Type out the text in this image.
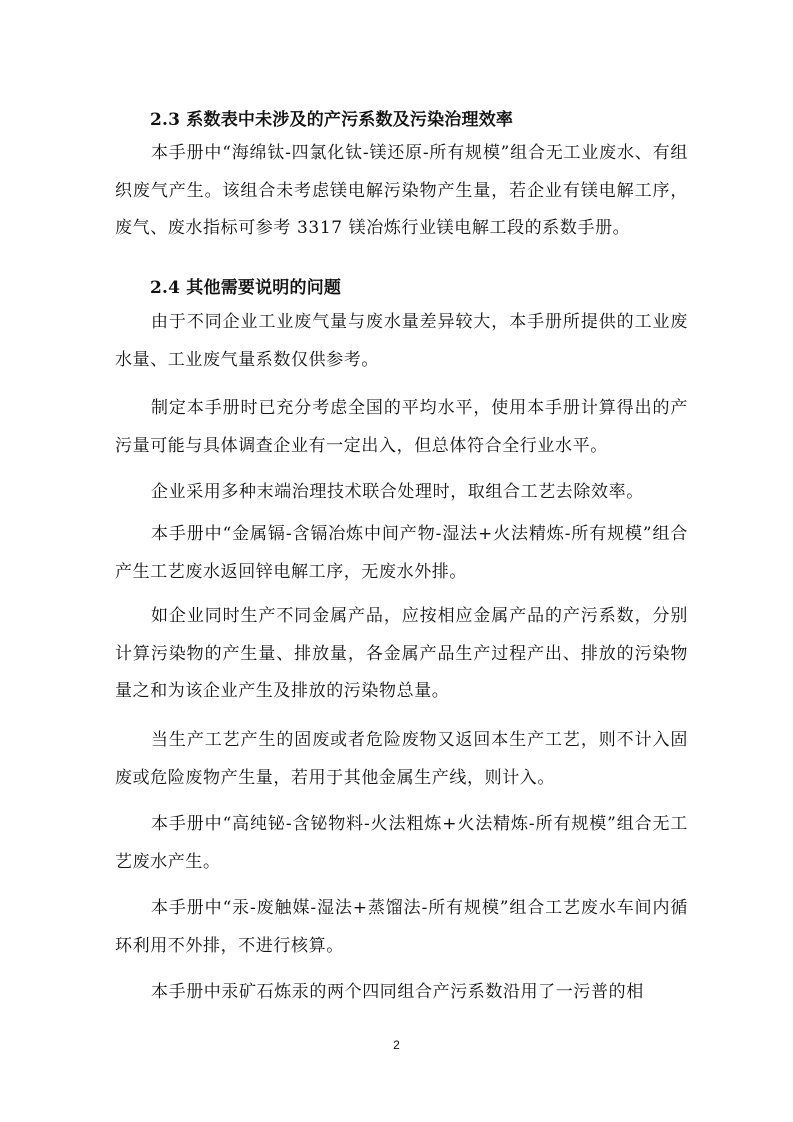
2.3 系数表中未涉及的产污系数及污染治理效率

本手册中“海绵钛-四氯化钛-镁还原-所有规模”组合无工业废水、有组织废气产生。该组合未考虑镁电解污染物产生量，若企业有镁电解工序，废气、废水指标可参考 3317 镁冶炼行业镁电解工段的系数手册。

2.4 其他需要说明的问题

由于不同企业工业废气量与废水量差异较大，本手册所提供的工业废水量、工业废气量系数仅供参考。

制定本手册时已充分考虑全国的平均水平，使用本手册计算得出的产污量可能与具体调查企业有一定出入，但总体符合全行业水平。

企业采用多种末端治理技术联合处理时，取组合工艺去除效率。

本手册中“金属镉-含镉冶炼中间产物-湿法+火法精炼-所有规模”组合产生工艺废水返回锌电解工序，无废水外排。

如企业同时生产不同金属产品，应按相应金属产品的产污系数，分别计算污染物的产生量、排放量，各金属产品生产过程产出、排放的污染物量之和为该企业产生及排放的污染物总量。

当生产工艺产生的固废或者危险废物又返回本生产工艺，则不计入固废或危险废物产生量，若用于其他金属生产线，则计入。

本手册中“高纯铋-含铋物料-火法粗炼+火法精炼-所有规模”组合无工艺废水产生。

本手册中“汞-废触媒-湿法+蒸馏法-所有规模”组合工艺废水车间内循环利用不外排，不进行核算。

本手册中汞矿石炼汞的两个四同组合产污系数沿用了一污普的相

2
